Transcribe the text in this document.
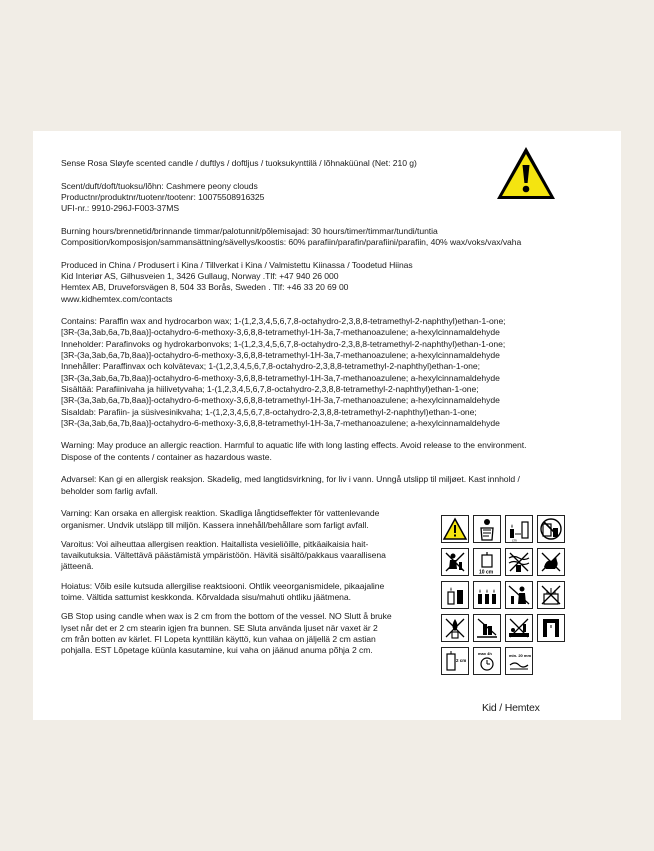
Sense Rosa Sløyfe scented candle / duftlys / doftljus / tuoksukynttilä / lõhnaküünal (Net: 210 g)

Scent/duft/doft/tuoksu/lõhn: Cashmere peony clouds

Productnr/produktnr/tuotenr/tootenr: 10075508916325

UFI-nr.: 9910-296J-F003-37MS

Burning hours/brennetid/brinnande timmar/palotunnit/põlemisajad: 30 hours/timer/timmar/tundi/tuntia

Composition/komposisjon/sammansättning/sävellys/koostis: 60% parafiin/parafin/parafiini/parafiin, 40% wax/voks/vax/vaha

Produced in China / Produsert i Kina / Tillverkat i Kina / Valmistettu Kiinassa / Toodetud Hiinas

Kid Interiør AS, Gilhusveien 1, 3426 Gullaug, Norway .Tlf: +47 940 26 000

Hemtex AB, Druveforsvägen 8, 504 33 Borås, Sweden . Tlf: +46 33 20 69 00

www.kidhemtex.com/contacts

Contains: Paraffin wax and hydrocarbon wax; 1-(1,2,3,4,5,6,7,8-octahydro-2,3,8,8-tetramethyl-2-naphthyl)ethan-1-one;

[3R-(3a,3ab,6a,7b,8aa)]-octahydro-6-methoxy-3,6,8,8-tetramethyl-1H-3a,7-methanoazulene; a-hexylcinnamaldehyde

Inneholder: Parafinvoks og hydrokarbonvoks; 1-(1,2,3,4,5,6,7,8-octahydro-2,3,8,8-tetramethyl-2-naphthyl)ethan-1-one;

[3R-(3a,3ab,6a,7b,8aa)]-octahydro-6-methoxy-3,6,8,8-tetramethyl-1H-3a,7-methanoazulene; a-hexylcinnamaldehyde

Innehåller: Paraffinvax och kolvätevax; 1-(1,2,3,4,5,6,7,8-octahydro-2,3,8,8-tetramethyl-2-naphthyl)ethan-1-one;

[3R-(3a,3ab,6a,7b,8aa)]-octahydro-6-methoxy-3,6,8,8-tetramethyl-1H-3a,7-methanoazulene; a-hexylcinnamaldehyde

Sisältää: Parafiinivaha ja hiilivetyvaha; 1-(1,2,3,4,5,6,7,8-octahydro-2,3,8,8-tetramethyl-2-naphthyl)ethan-1-one;

[3R-(3a,3ab,6a,7b,8aa)]-octahydro-6-methoxy-3,6,8,8-tetramethyl-1H-3a,7-methanoazulene; a-hexylcinnamaldehyde

Sisaldab: Parafiin- ja süsivesinikvaha; 1-(1,2,3,4,5,6,7,8-octahydro-2,3,8,8-tetramethyl-2-naphthyl)ethan-1-one;

[3R-(3a,3ab,6a,7b,8aa)]-octahydro-6-methoxy-3,6,8,8-tetramethyl-1H-3a,7-methanoazulene; a-hexylcinnamaldehyde

Warning: May produce an allergic reaction. Harmful to aquatic life with long lasting effects. Avoid release to the environment.

Dispose of the contents / container as hazardous waste.

Advarsel: Kan gi en allergisk reaksjon. Skadelig, med langtidsvirkning, for liv i vann. Unngå utslipp til miljøet. Kast innhold /

beholder som farlig avfall.

Varning: Kan orsaka en allergisk reaktion. Skadliga långtidseffekter för vattenlevande

organismer. Undvik utsläpp till miljön. Kassera innehåll/behållare som farligt avfall.

Varoitus: Voi aiheuttaa allergisen reaktion. Haitallista vesieliöille, pitkäaikaisia hait-

tavaikutuksia. Vältettävä päästämistä ympäristöön. Hävitä sisältö/pakkaus vaarallisena

jätteenä.

Hoiatus: Võib esile kutsuda allergilise reaktsiooni. Ohtlik veeorganismidele, pikaajaline

toime. Vältida sattumist keskkonda. Kõrvaldada sisu/mahuti ohtliku jäätmena.

GB Stop using candle when wax is 2 cm from the bottom of the vessel. NO Slutt å bruke

lyset når det er 2 cm stearin igjen fra bunnen. SE Sluta använda ljuset när vaxet är 2

cm från botten av kärlet. FI Lopeta kynttilän käyttö, kun vahaa on jäljellä 2 cm astian

pohjalla. EST Lõpetage küünla kasutamine, kui vaha on jäänud anuma põhja 2 cm.

cm
10 cm
2 cm
max 4h	min. 20 mm
Kid / Hemtex
